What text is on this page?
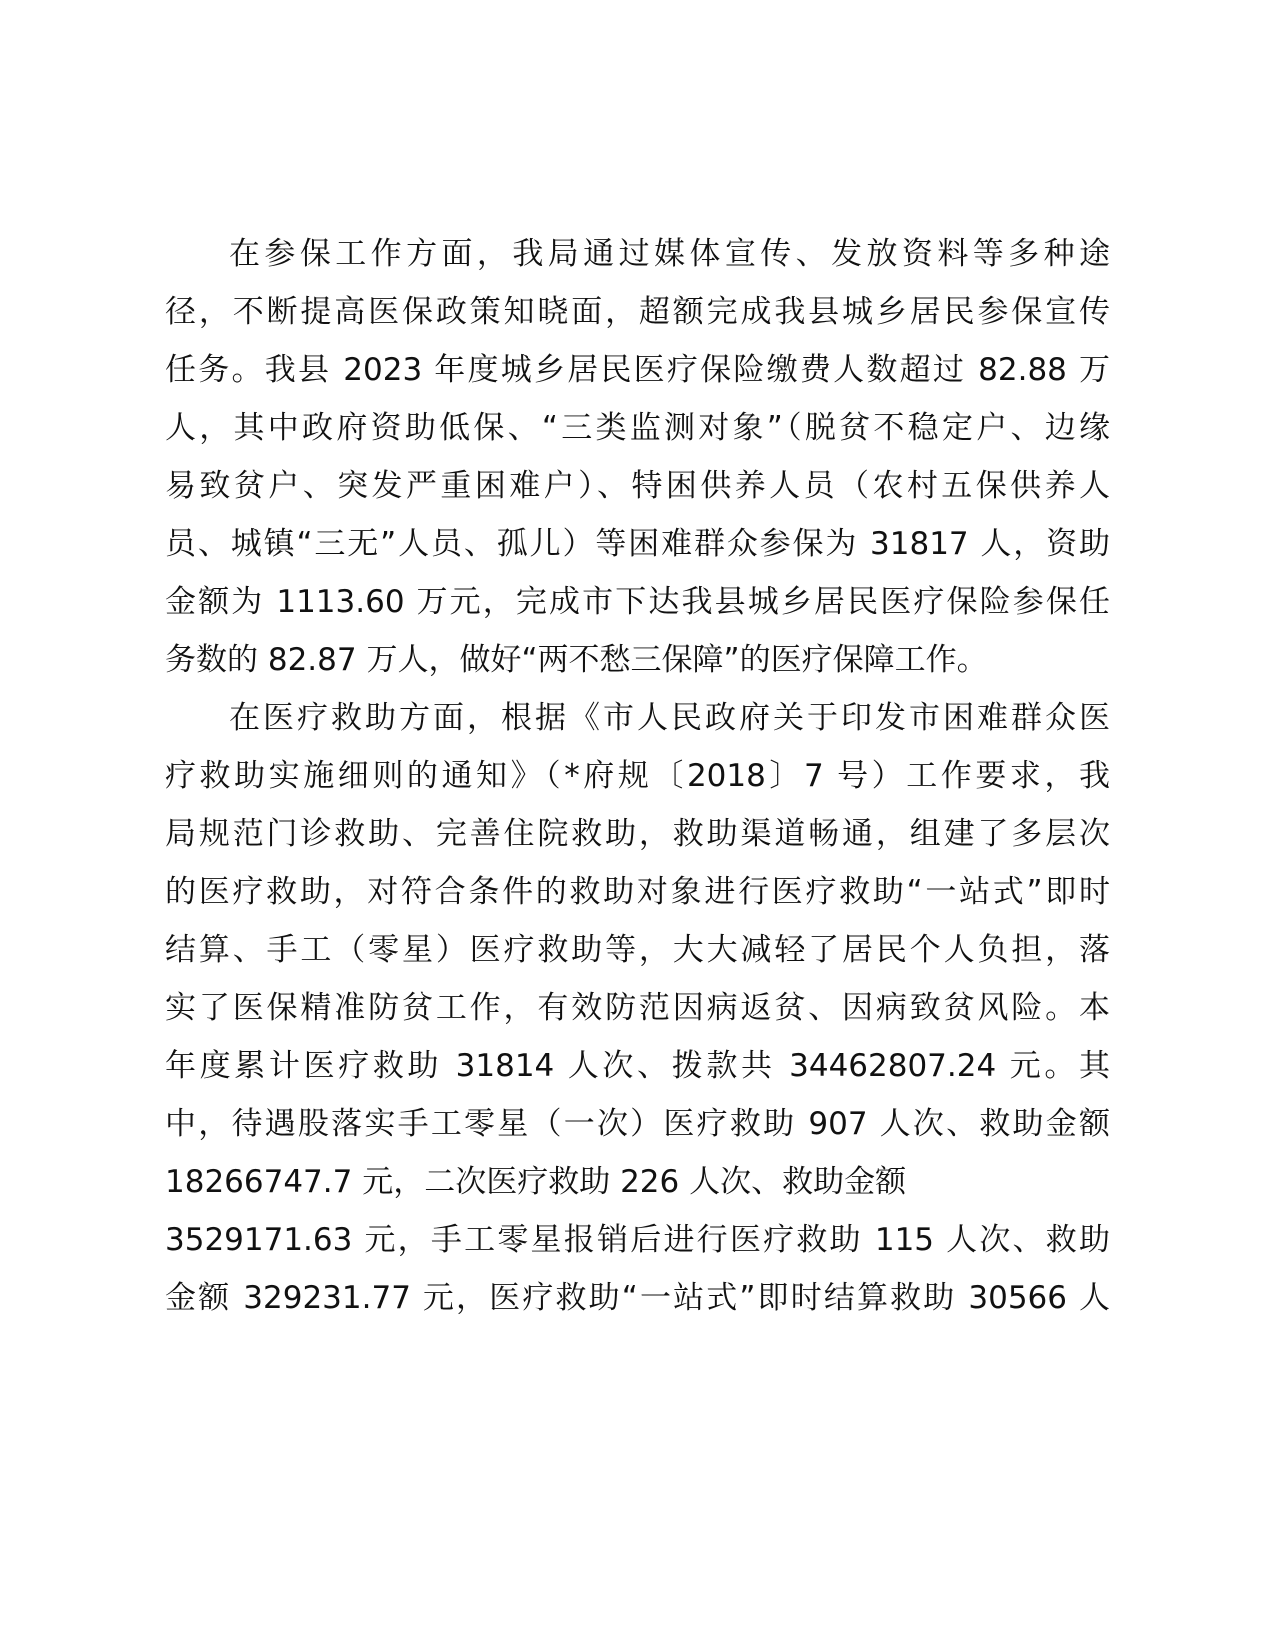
在参保工作方面，我局通过媒体宣传、发放资料等多种途
径，不断提高医保政策知晓面，超额完成我县城乡居民参保宣传
任务。我县 2023 年度城乡居民医疗保险缴费人数超过 82.88 万
人，其中政府资助低保、“三类监测对象”（脱贫不稳定户、边缘
易致贫户、突发严重困难户）、特困供养人员（农村五保供养人
员、城镇“三无”人员、孤儿）等困难群众参保为 31817 人，资助
金额为 1113.60 万元，完成市下达我县城乡居民医疗保险参保任
务数的 82.87 万人，做好“两不愁三保障”的医疗保障工作。
在医疗救助方面，根据《市人民政府关于印发市困难群众医
疗救助实施细则的通知》（*府规〔2018〕7 号）工作要求，我
局规范门诊救助、完善住院救助，救助渠道畅通，组建了多层次
的医疗救助，对符合条件的救助对象进行医疗救助“一站式”即时
结算、手工（零星）医疗救助等，大大减轻了居民个人负担，落
实了医保精准防贫工作，有效防范因病返贫、因病致贫风险。本
年度累计医疗救助 31814 人次、拨款共 34462807.24 元。其
中，待遇股落实手工零星（一次）医疗救助 907 人次、救助金额
18266747.7 元，二次医疗救助 226 人次、救助金额
3529171.63 元，手工零星报销后进行医疗救助 115 人次、救助
金额 329231.77 元，医疗救助“一站式”即时结算救助 30566 人
